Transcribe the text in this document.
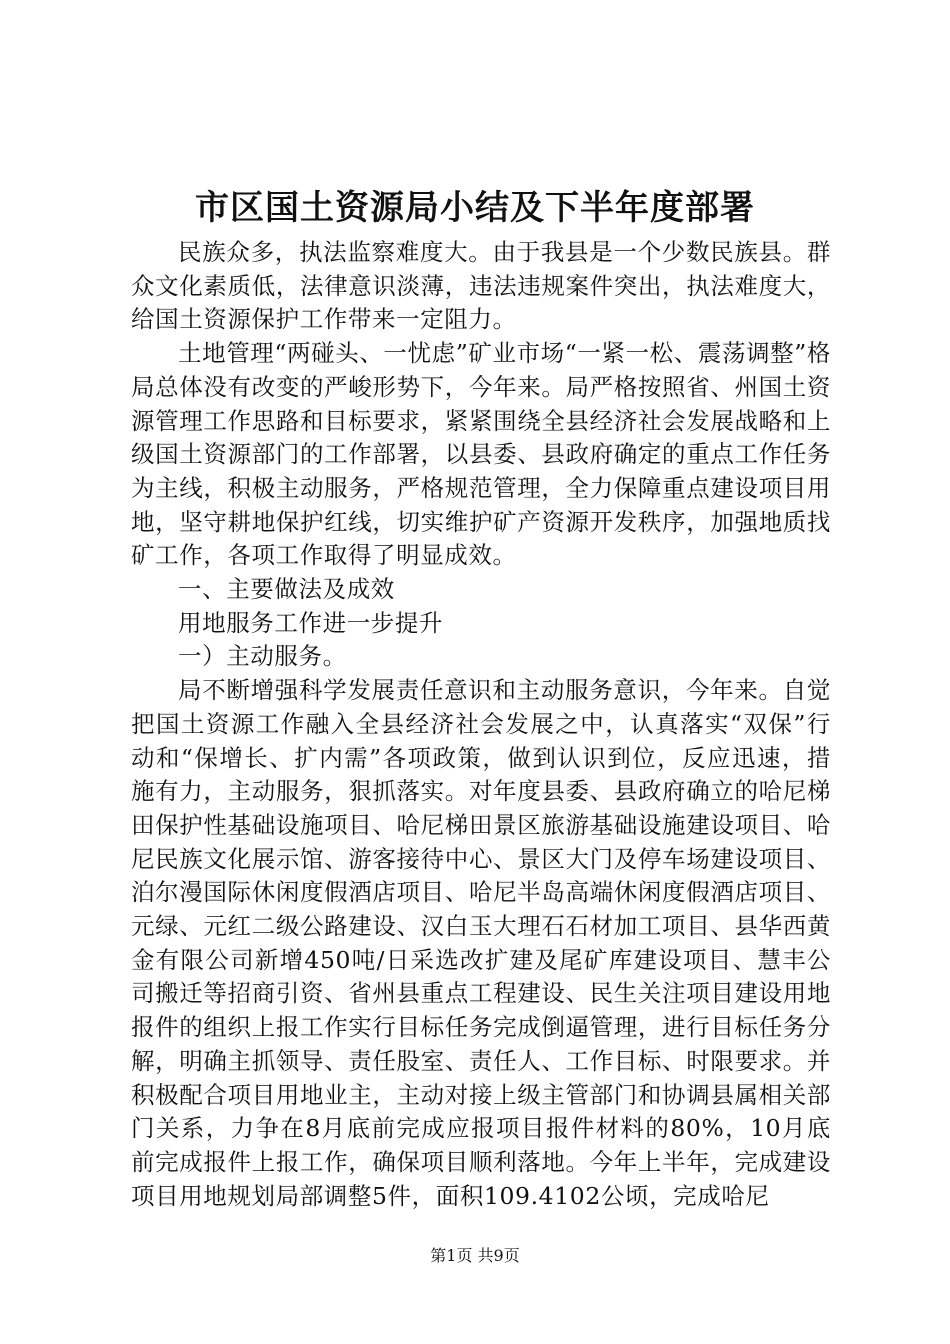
市区国土资源局小结及下半年度部署

民族众多，执法监察难度大。由于我县是一个少数民族县。群众文化素质低，法律意识淡薄，违法违规案件突出，执法难度大，给国土资源保护工作带来一定阻力。

土地管理“两碰头、一忧虑”矿业市场“一紧一松、震荡调整”格局总体没有改变的严峻形势下，今年来。局严格按照省、州国土资源管理工作思路和目标要求，紧紧围绕全县经济社会发展战略和上级国土资源部门的工作部署，以县委、县政府确定的重点工作任务为主线，积极主动服务，严格规范管理，全力保障重点建设项目用地，坚守耕地保护红线，切实维护矿产资源开发秩序，加强地质找矿工作，各项工作取得了明显成效。

一、主要做法及成效

用地服务工作进一步提升

一）主动服务。

局不断增强科学发展责任意识和主动服务意识，今年来。自觉把国土资源工作融入全县经济社会发展之中，认真落实“双保”行动和“保增长、扩内需”各项政策，做到认识到位，反应迅速，措施有力，主动服务，狠抓落实。对年度县委、县政府确立的哈尼梯田保护性基础设施项目、哈尼梯田景区旅游基础设施建设项目、哈尼民族文化展示馆、游客接待中心、景区大门及停车场建设项目、泊尔漫国际休闲度假酒店项目、哈尼半岛高端休闲度假酒店项目、元绿、元红二级公路建设、汉白玉大理石石材加工项目、县华西黄金有限公司新增450吨/日采选改扩建及尾矿库建设项目、慧丰公司搬迁等招商引资、省州县重点工程建设、民生关注项目建设用地报件的组织上报工作实行目标任务完成倒逼管理，进行目标任务分解，明确主抓领导、责任股室、责任人、工作目标、时限要求。并积极配合项目用地业主，主动对接上级主管部门和协调县属相关部门关系，力争在8月底前完成应报项目报件材料的80%，10月底前完成报件上报工作，确保项目顺利落地。今年上半年，完成建设项目用地规划局部调整5件，面积109.4102公顷，完成哈尼

第1页 共9页
